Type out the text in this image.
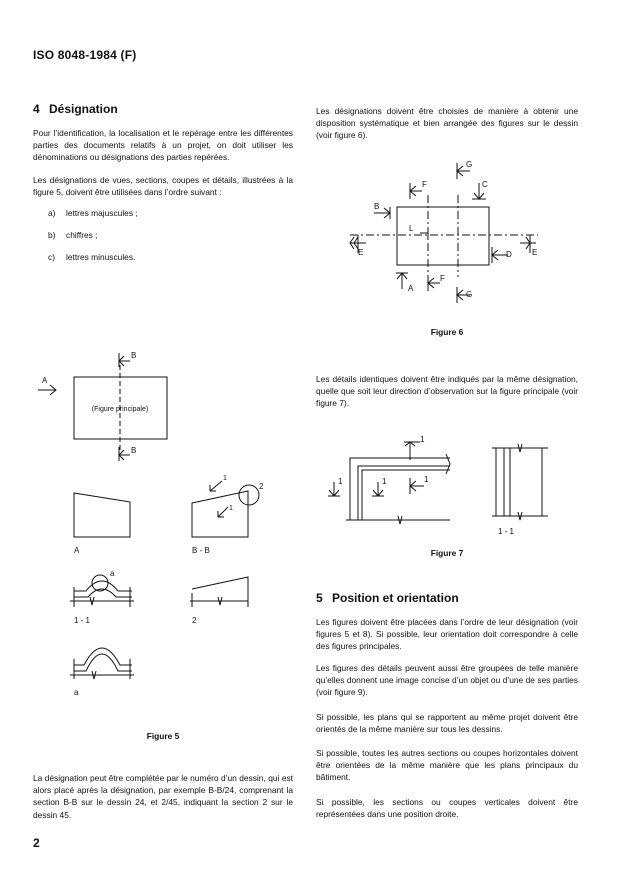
ISO 8048-1984 (F)
4 Désignation
Pour l’identification, la localisation et le repérage entre les différentes parties des documents relatifs à un projet, on doit utiliser les dénominations ou désignations des parties repérées.
Les désignations de vues, sections, coupes et détails, illustrées à la figure 5, doivent être utilisées dans l’ordre suivant :
a) lettres majuscules ;
b) chiffres ;
c) lettres minuscules.
(Figure principale)
A
B
B
A	B - B
2
1
1
a
1 - 1	2
a
Figure 5
La désignation peut être complétée par le numéro d’un dessin, qui est alors placé après la désignation, par exemple B-B/24, comprenant la section B-B sur le dessin 24, et 2/45, indiquant la section 2 sur le dessin 45.
Les désignations doivent être choisies de manière à obtenir une disposition systématique et bien arrangée des figures sur le dessin (voir figure 6).
G
C
F
B
L
E	E
D
A
F
G
Figure 6
Les détails identiques doivent être indiqués par la même désignation, quelle que soit leur direction d’observation sur la figure principale (voir figure 7).
1
1	1	1
1 - 1
Figure 7
5 Position et orientation
Les figures doivent être placées dans l’ordre de leur désignation (voir figures 5 et 8). Si possible, leur orientation doit correspondre à celle des figures principales.
Les figures des détails peuvent aussi être groupées de telle manière qu’elles donnent une image concise d’un objet ou d’une de ses parties (voir figure 9).
Si possible, les plans qui se rapportent au même projet doivent être orientés de la même manière sur tous les dessins.
Si possible, toutes les autres sections ou coupes horizontales doivent être orientées de la même manière que les plans principaux du bâtiment.
Si possible, les sections ou coupes verticales doivent être représentées dans une position droite.
2
